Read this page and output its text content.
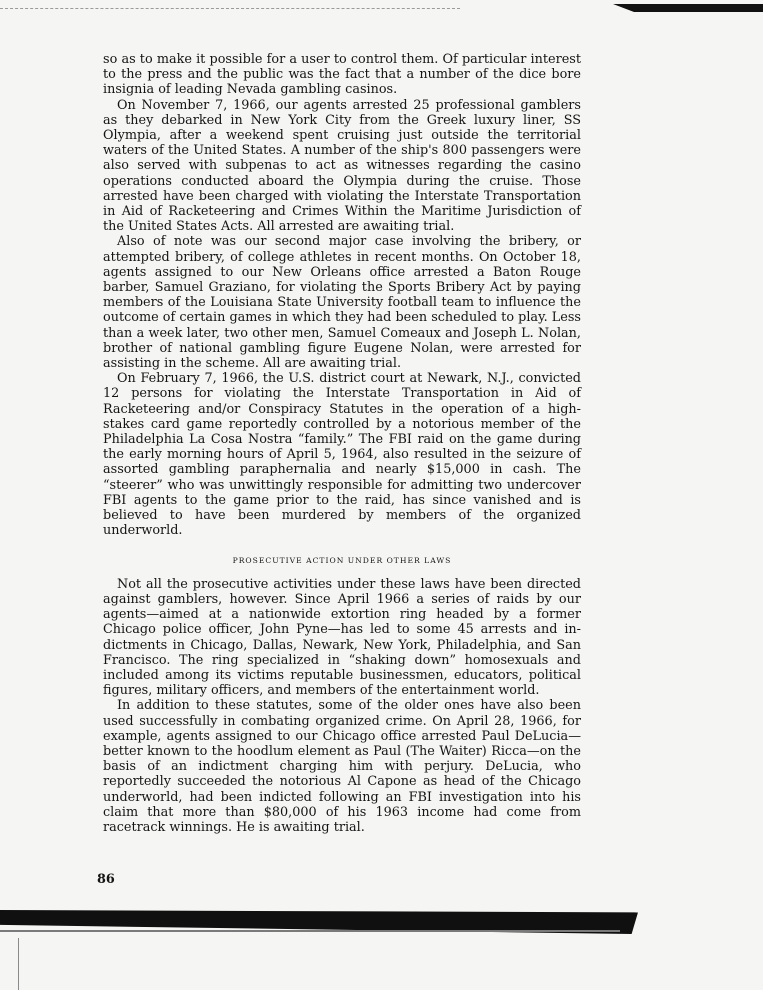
so as to make it possible for a user to control them. Of particular interest to the press and the public was the fact that a number of the dice bore insignia of leading Nevada gambling casinos.

On November 7, 1966, our agents arrested 25 professional gamblers as they debarked in New York City from the Greek luxury liner, SS Olympia, after a weekend spent cruising just outside the territorial waters of the United States. A number of the ship's 800 passengers were also served with subpenas to act as witnesses regarding the casino operations conducted aboard the Olympia during the cruise. Those arrested have been charged with violating the Interstate Transportation in Aid of Racketeering and Crimes Within the Maritime Jurisdiction of the United States Acts. All arrested are awaiting trial.

Also of note was our second major case involving the bribery, or attempted bribery, of college athletes in recent months. On October 18, agents assigned to our New Orleans office arrested a Baton Rouge barber, Samuel Graziano, for violating the Sports Bribery Act by paying members of the Louisiana State University football team to influence the outcome of certain games in which they had been scheduled to play. Less than a week later, two other men, Samuel Comeaux and Joseph L. Nolan, brother of national gambling figure Eugene Nolan, were arrested for assisting in the scheme. All are awaiting trial.

On February 7, 1966, the U.S. district court at Newark, N.J., convicted 12 persons for violating the Interstate Transportation in Aid of Racketeering and/or Conspiracy Statutes in the operation of a high-stakes card game reportedly controlled by a notorious member of the Philadelphia La Cosa Nostra “family.” The FBI raid on the game during the early morning hours of April 5, 1964, also resulted in the seizure of assorted gambling paraphernalia and nearly $15,000 in cash. The “steerer” who was unwittingly responsible for admitting two undercover FBI agents to the game prior to the raid, has since vanished and is believed to have been murdered by members of the organized underworld.

PROSECUTIVE ACTION UNDER OTHER LAWS

Not all the prosecutive activities under these laws have been directed against gamblers, however. Since April 1966 a series of raids by our agents—aimed at a nationwide extortion ring headed by a former Chicago police officer, John Pyne—has led to some 45 arrests and indictments in Chicago, Dallas, Newark, New York, Philadelphia, and San Francisco. The ring specialized in “shaking down” homosexuals and included among its victims reputable businessmen, educators, political figures, military officers, and members of the entertainment world.

In addition to these statutes, some of the older ones have also been used successfully in combating organized crime. On April 28, 1966, for example, agents assigned to our Chicago office arrested Paul DeLucia—better known to the hoodlum element as Paul (The Waiter) Ricca—on the basis of an indictment charging him with perjury. DeLucia, who reportedly succeeded the notorious Al Capone as head of the Chicago underworld, had been indicted following an FBI investigation into his claim that more than $80,000 of his 1963 income had come from racetrack winnings. He is awaiting trial.

86
